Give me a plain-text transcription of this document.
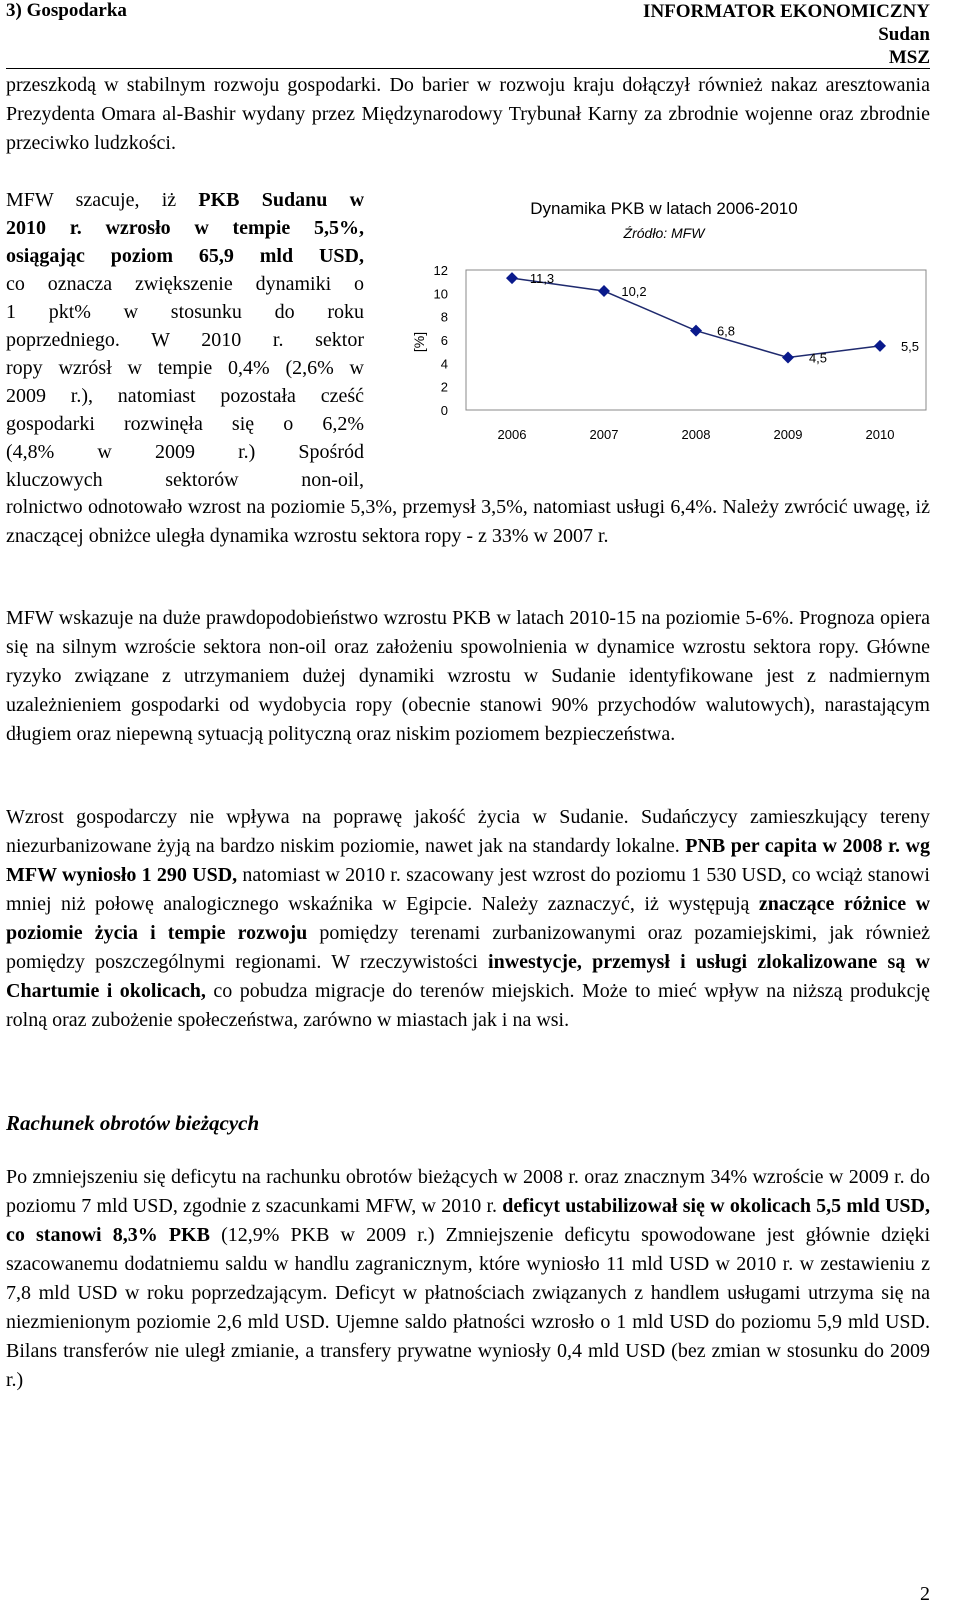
3) Gospodarka	INFORMATOR EKONOMICZNY
Sudan
MSZ

przeszkodą w stabilnym rozwoju gospodarki. Do barier w rozwoju kraju dołączył również nakaz aresztowania Prezydenta Omara al-Bashir wydany przez Międzynarodowy Trybunał Karny za zbrodnie wojenne oraz zbrodnie przeciwko ludzkości.

MFW szacuje, iż PKB Sudanu w
2010 r. wzrosło w tempie 5,5%,
osiągając poziom 65,9 mld USD,
co oznacza zwiększenie dynamiki o
1 pkt% w stosunku do roku
poprzedniego. W 2010 r. sektor
ropy wzrósł w tempie 0,4% (2,6% w
2009 r.), natomiast pozostała cześć
gospodarki rozwinęła się o 6,2%
(4,8% w 2009 r.) Spośród
kluczowych sektorów non-oil,
Dynamika PKB w latach 2006-2010
Źródło: MFW
[%]
0
2
4
6
8
10
12
2006	2007	2008	2009	2010
11,3
10,2
6,8
4,5
5,5

rolnictwo odnotowało wzrost na poziomie 5,3%, przemysł 3,5%, natomiast usługi 6,4%. Należy zwrócić uwagę, iż znaczącej obniżce uległa dynamika wzrostu sektora ropy - z 33% w 2007 r.

MFW wskazuje na duże prawdopodobieństwo wzrostu PKB w latach 2010-15 na poziomie 5-6%. Prognoza opiera się na silnym wzroście sektora non-oil oraz założeniu spowolnienia w dynamice wzrostu sektora ropy. Główne ryzyko związane z utrzymaniem dużej dynamiki wzrostu w Sudanie identyfikowane jest z nadmiernym uzależnieniem gospodarki od wydobycia ropy (obecnie stanowi 90% przychodów walutowych), narastającym długiem oraz niepewną sytuacją polityczną oraz niskim poziomem bezpieczeństwa.

Wzrost gospodarczy nie wpływa na poprawę jakość życia w Sudanie. Sudańczycy zamieszkujący tereny niezurbanizowane żyją na bardzo niskim poziomie, nawet jak na standardy lokalne. PNB per capita w 2008 r. wg MFW wyniosło 1 290 USD, natomiast w 2010 r. szacowany jest wzrost do poziomu 1 530 USD, co wciąż stanowi mniej niż połowę analogicznego wskaźnika w Egipcie. Należy zaznaczyć, iż występują znaczące różnice w poziomie życia i tempie rozwoju pomiędzy terenami zurbanizowanymi oraz pozamiejskimi, jak również pomiędzy poszczególnymi regionami. W rzeczywistości inwestycje, przemysł i usługi zlokalizowane są w Chartumie i okolicach, co pobudza migracje do terenów miejskich. Może to mieć wpływ na niższą produkcję rolną oraz zubożenie społeczeństwa, zarówno w miastach jak i na wsi.

Rachunek obrotów bieżących

Po zmniejszeniu się deficytu na rachunku obrotów bieżących w 2008 r. oraz znacznym 34% wzroście w 2009 r. do poziomu 7 mld USD, zgodnie z szacunkami MFW, w 2010 r. deficyt ustabilizował się w okolicach 5,5 mld USD, co stanowi 8,3% PKB (12,9% PKB w 2009 r.) Zmniejszenie deficytu spowodowane jest głównie dzięki szacowanemu dodatniemu saldu w handlu zagranicznym, które wyniosło 11 mld USD w 2010 r. w zestawieniu z 7,8 mld USD w roku poprzedzającym. Deficyt w płatnościach związanych z handlem usługami utrzyma się na niezmienionym poziomie 2,6 mld USD. Ujemne saldo płatności wzrosło o 1 mld USD do poziomu 5,9 mld USD. Bilans transferów nie uległ zmianie, a transfery prywatne wyniosły 0,4 mld USD (bez zmian w stosunku do 2009 r.)

2
